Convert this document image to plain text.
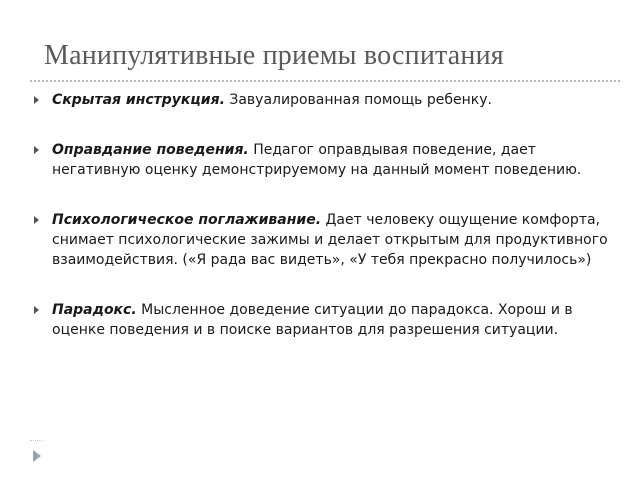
Манипулятивные приемы воспитания
Скрытая инструкция. Завуалированная помощь ребенку.
Оправдание поведения. Педагог оправдывая поведение, дает негативную оценку демонстрируемому на данный момент поведению.
Психологическое поглаживание. Дает человеку ощущение комфорта, снимает психологические зажимы и делает открытым для продуктивного взаимодействия. («Я рада вас видеть», «У тебя прекрасно получилось»)
Парадокс. Мысленное доведение ситуации до парадокса. Хорош и в оценке поведения и в поиске вариантов для разрешения ситуации.
